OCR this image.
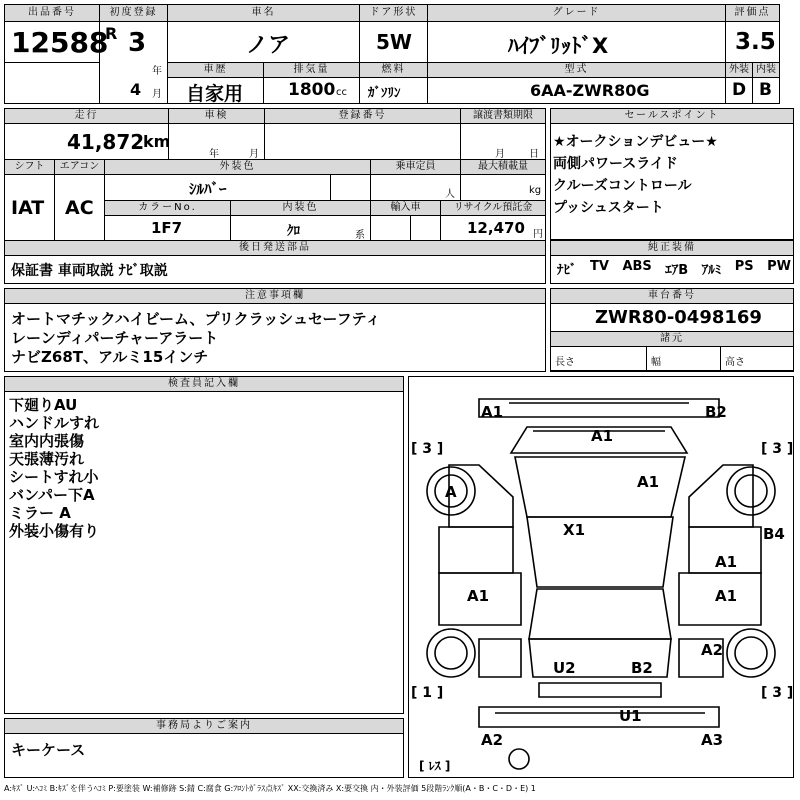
出品番号
12588
初度登録
R 3
年
4 月
車名
ノア
ドア形状
5W
グレード
ﾊｲﾌﾞﾘｯﾄﾞX
評価点
3.5
車歴
自家用
排気量
1800 cc
燃料
ｶﾞｿﾘﾝ
型式
6AA-ZWR80G
外装
D
内装
B
走行
41,872
km
車検
年	月
登録番号	譲渡書類期限
月 日
シフト
IAT
エアコン
AC
外装色
ｼﾙﾊﾞｰ
乗車定員
人
最大積載量
kg
カラーNo.
1F7
内装色
ｸﾛ	系
輸入車	リサイクル預託金
12,470 円
後日発送部品
保証書 車両取説 ﾅﾋﾞ取説
セールスポイント
★オークションデビュー★
両側パワースライド
クルーズコントロール
プッシュスタート
純正装備
ﾅﾋﾞ TV ABS ｴｱB ｱﾙﾐ PS PW
注意事項欄
オートマチックハイビーム、プリクラッシュセーフティ
レーンディパーチャーアラート
ナビZ68T、アルミ15インチ
車台番号
ZWR80-0498169
諸元
長さ	幅	高さ
検査員記入欄
下廻りAU
ハンドルすれ
室内内張傷
天張薄汚れ
シートすれ小
バンパー下A
ミラー A
外装小傷有り
事務局よりご案内
キーケース
A1	B2
A1
A1
[ 3 ]	[ 3 ]
A
X1	B4
A1
A1	A1
A2
U2	B2
[ 1 ]	[ 3 ]
U1
A2	A3
[ ﾚｽ ]
A:ｷｽﾞ U:ﾍｺﾐ B:ｷｽﾞを伴うﾍｺﾐ P:要塗装 W:補修跡 S:錆 C:腐食 G:ﾌﾛﾝﾄｶﾞﾗｽ点ｷｽﾞ XX:交換済み X:要交換 内・外装評価 5段階ﾗﾝｸ順(A・B・C・D・E) 1
